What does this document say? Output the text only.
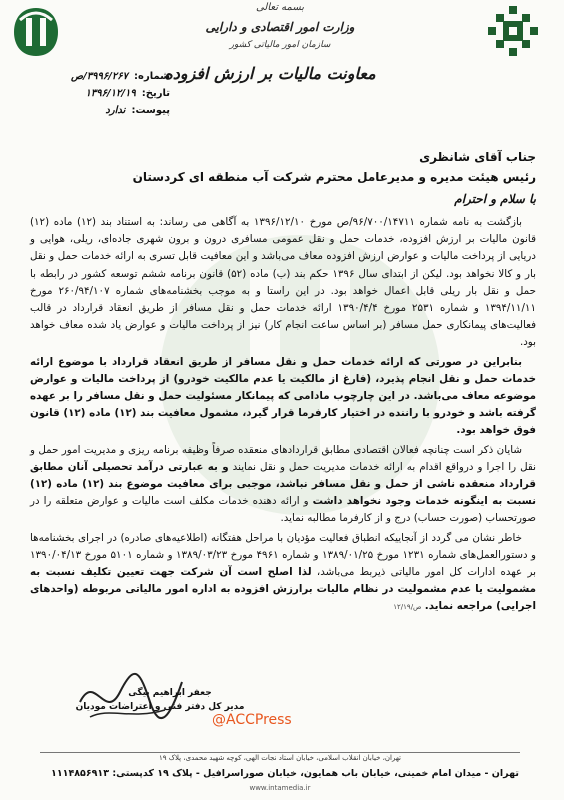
بسمه تعالی
وزارت امور اقتصادی و دارایی
سازمان امور مالیاتی کشور
معاونت مالیات بر ارزش افزوده
شماره:
۳۹۹۶/۲۶۷/ص
تاریخ:
۱۳۹۶/۱۲/۱۹
پیوست:
ندارد
جناب آقای شانظری
رئیس هیئت مدیره و مدیرعامل محترم شرکت آب منطقه ای کردستان
با سلام و احترام

بازگشت به نامه شماره ۹۶/۷۰۰/۱۴۷۱۱/ص مورخ ۱۳۹۶/۱۲/۱۰ به آگاهی می رساند: به استناد بند (۱۲) ماده (۱۲) قانون مالیات بر ارزش افزوده، خدمات حمل و نقل عمومی مسافری درون و برون شهری جاده‌ای، ریلی، هوایی و دریایی از پرداخت مالیات و عوارض ارزش افزوده معاف می‌باشد و این معافیت قابل تسری به ارائه خدمات حمل و نقل بار و کالا نخواهد بود. لیکن از ابتدای سال ۱۳۹۶ حکم بند (ب) ماده (۵۲) قانون برنامه ششم توسعه کشور در رابطه با حمل و نقل بار ریلی قابل اعمال خواهد بود. در این راستا و به موجب بخشنامه‌های شماره ۲۶۰/۹۴/۱۰۷ مورخ ۱۳۹۴/۱۱/۱۱ و شماره ۲۵۳۱ مورخ ۱۳۹۰/۴/۴ ارائه خدمات حمل و نقل مسافر از طریق انعقاد قرارداد در قالب فعالیت‌های پیمانکاری حمل مسافر (بر اساس ساعت انجام کار) نیز از پرداخت مالیات و عوارض یاد شده معاف خواهد بود.

بنابراین در صورتی که ارائه خدمات حمل و نقل مسافر از طریق انعقاد قرارداد با موضوع ارائه خدمات حمل و نقل انجام پذیرد، (فارغ از مالکیت یا عدم مالکیت خودرو) از پرداخت مالیات و عوارض موضوعه معاف می‌باشد. در این چارچوب مادامی که پیمانکار مسئولیت حمل و نقل مسافر را بر عهده گرفته باشد و خودرو با راننده در اختیار کارفرما قرار گیرد، مشمول معافیت بند (۱۲) ماده (۱۲) قانون فوق خواهد بود.

شایان ذکر است چنانچه فعالان اقتصادی مطابق قراردادهای منعقده صرفاً وظیفه برنامه ریزی و مدیریت امور حمل و نقل را اجرا و درواقع اقدام به ارائه خدمات مدیریت حمل و نقل نمایند و به عبارتی درآمد تحصیلی آنان مطابق قرارداد منعقده ناشی از حمل و نقل مسافر نباشد، موجبی برای معافیت موضوع بند (۱۲) ماده (۱۲) نسبت به اینگونه خدمات وجود نخواهد داشت و ارائه دهنده خدمات مکلف است مالیات و عوارض متعلقه را در صورتحساب (صورت حساب) درج و از کارفرما مطالبه نماید.

خاطر نشان می گردد از آنجاییکه انطباق فعالیت مؤدیان با مراحل هفتگانه (اطلاعیه‌های صادره) در اجرای بخشنامه‌ها و دستورالعمل‌های شماره ۱۲۳۱ مورخ ۱۳۸۹/۰۱/۲۵ و شماره ۴۹۶۱ مورخ ۱۳۸۹/۰۳/۲۳ و شماره ۵۱۰۱ مورخ ۱۳۹۰/۰۴/۱۳ بر عهده ادارات کل امور مالیاتی ذیربط می‌باشد، لذا اصلح است آن شرکت جهت تعیین تکلیف نسبت به مشمولیت یا عدم مشمولیت در نظام مالیات برارزش افزوده به اداره امور مالیاتی مربوطه (واحدهای اجرایی) مراجعه نماید. ص/۱۲/۱۹

جعفر ابراهیم بیگی
مدیر کل دفتر فنی و اعتراضات مودیان
@ACCPress
تهران، خیابان انقلاب اسلامی، خیابان استاد نجات الهی، کوچه شهید محمدی، پلاک ۱۹
تهران - میدان امام خمینی، خیابان باب همایون، خیابان صوراسرافیل - پلاک ۱۹ کدپستی: ۱۱۱۴۸۵۶۹۱۳
www.intamedia.ir
